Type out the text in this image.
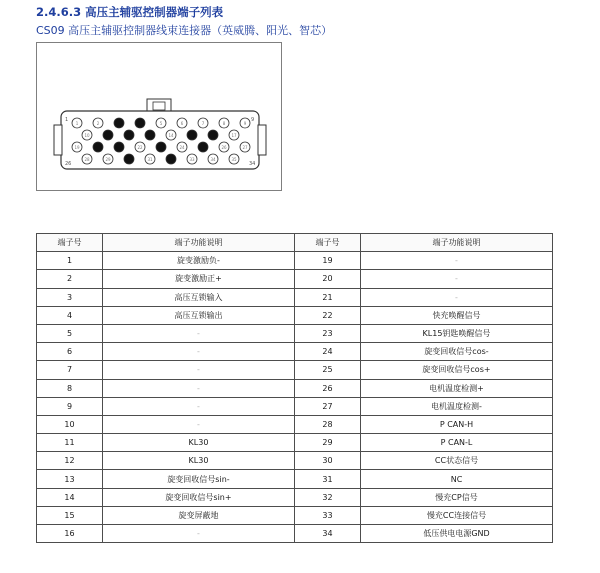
2.4.6.3 高压主辅驱控制器端子列表
CS09 高压主辅驱控制器线束连接器（英威腾、阳光、智芯）
1	2	5	6	7	8	9
10	14	17
19	22	24	26	27
28	29	31	33	34	35
1	9
26	34
端子号	端子功能说明	端子号	端子功能说明
1	旋变激励负-	19	-
2	旋变激励正+	20	-
3	高压互锁输入	21	-
4	高压互锁输出	22	快充唤醒信号
5	-	23	KL15钥匙唤醒信号
6	-	24	旋变回收信号cos-
7	-	25	旋变回收信号cos+
8	-	26	电机温度检测+
9	-	27	电机温度检测-
10	-	28	P CAN-H
11	KL30	29	P CAN-L
12	KL30	30	CC状态信号
13	旋变回收信号sin-	31	NC
14	旋变回收信号sin+	32	慢充CP信号
15	旋变屏蔽地	33	慢充CC连接信号
16	-	34	低压供电电源GND
